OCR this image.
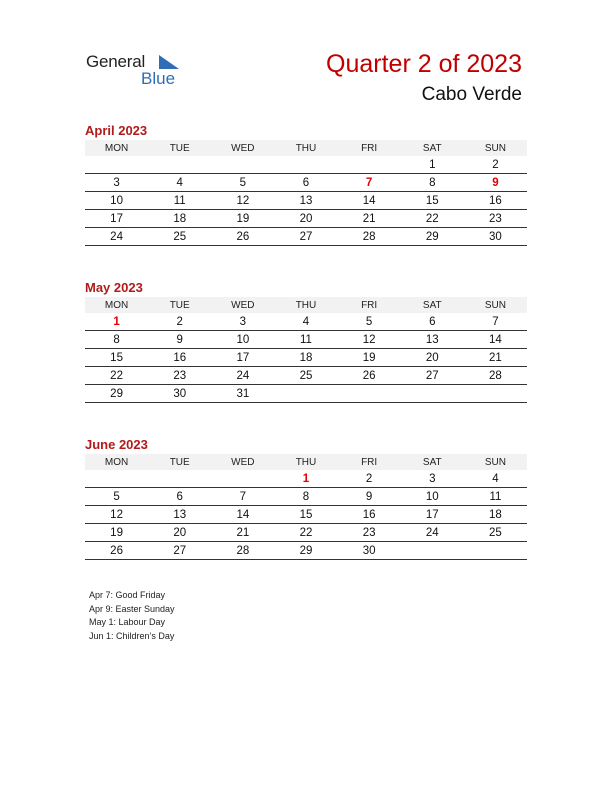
General
Blue
Quarter 2 of 2023
Cabo Verde
April 2023
MON	TUE	WED	THU	FRI	SAT	SUN
					1	2
3	4	5	6	7	8	9
10	11	12	13	14	15	16
17	18	19	20	21	22	23
24	25	26	27	28	29	30
May 2023
MON	TUE	WED	THU	FRI	SAT	SUN
1	2	3	4	5	6	7
8	9	10	11	12	13	14
15	16	17	18	19	20	21
22	23	24	25	26	27	28
29	30	31				
June 2023
MON	TUE	WED	THU	FRI	SAT	SUN
			1	2	3	4
5	6	7	8	9	10	11
12	13	14	15	16	17	18
19	20	21	22	23	24	25
26	27	28	29	30		
Apr 7: Good Friday
Apr 9: Easter Sunday
May 1: Labour Day
Jun 1: Children’s Day
